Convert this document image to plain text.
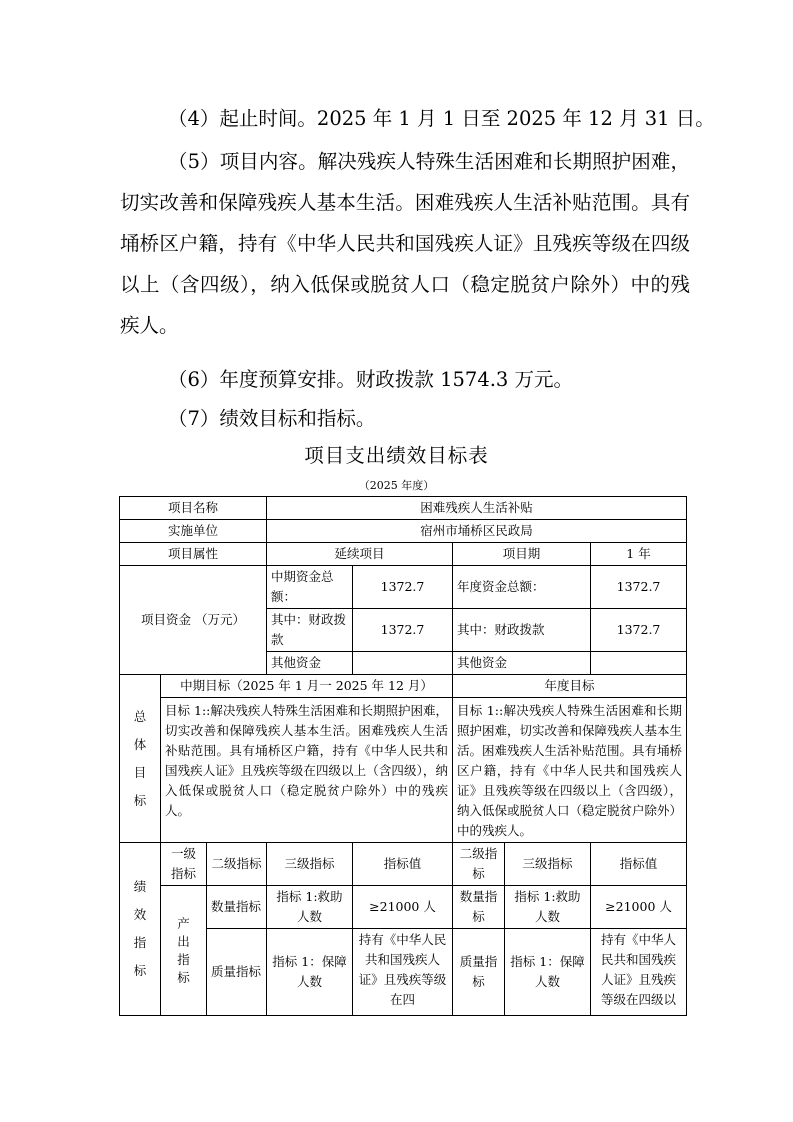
（4）起止时间。2025 年 1 月 1 日至 2025 年 12 月 31 日。

（5）项目内容。解决残疾人特殊生活困难和长期照护困难，切实改善和保障残疾人基本生活。困难残疾人生活补贴范围。具有埇桥区户籍，持有《中华人民共和国残疾人证》且残疾等级在四级以上（含四级），纳入低保或脱贫人口（稳定脱贫户除外）中的残疾人。

（6）年度预算安排。财政拨款 1574.3 万元。

（7）绩效目标和指标。

项目支出绩效目标表
（2025 年度）
项目名称			困难残疾人生活补贴				
实施单位			宿州市埇桥区民政局				
项目属性			延续项目		项目期		1 年
项目资金 （万元）			中期资金总额：	1372.7	年度资金总额：		1372.7
			其中：财政拨款	1372.7	其中：财政拨款		1372.7
			其他资金		其他资金		

总
体
目
标	中期目标（2025 年 1 月一 2025 年 12 月）				年度目标		
	目标 1::解决残疾人特殊生活困难和长期照护困难，切实改善和保障残疾人基本生活。困难残疾人生活补贴范围。具有埇桥区户籍，持有《中华人民共和国残疾人证》且残疾等级在四级以上（含四级），纳入低保或脱贫人口（稳定脱贫户除外）中的残疾人。				目标 1::解决残疾人特殊生活困难和长期照护困难，切实改善和保障残疾人基本生活。困难残疾人生活补贴范围。具有埇桥区户籍，持有《中华人民共和国残疾人证》且残疾等级在四级以上（含四级），纳入低保或脱贫人口（稳定脱贫户除外）中的残疾人。		

绩
效
指
标	一级指标	二级指标	三级指标	指标值	二级指标	三级指标	指标值

	产
出
指
标	数量指标	指标 1:救助人数	≥21000 人	数量指标	指标 1:救助人数	≥21000 人
		质量指标	指标 1：保障人数	持有《中华人民共和国残疾人证》且残疾等级在四	质量指标	指标 1：保障人数	持有《中华人民共和国残疾人证》且残疾等级在四级以
